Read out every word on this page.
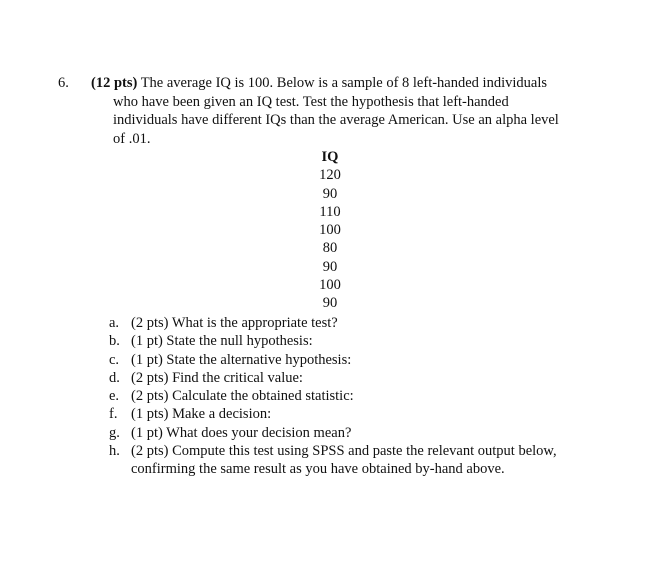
6. (12 pts) The average IQ is 100. Below is a sample of 8 left-handed individuals
who have been given an IQ test. Test the hypothesis that left-handed
individuals have different IQs than the average American. Use an alpha level
of .01.
IQ
120
90
110
100
80
90
100
90
a. (2 pts) What is the appropriate test?
b. (1 pt) State the null hypothesis:
c. (1 pt) State the alternative hypothesis:
d. (2 pts) Find the critical value:
e. (2 pts) Calculate the obtained statistic:
f. (1 pts) Make a decision:
g. (1 pt) What does your decision mean?
h. (2 pts) Compute this test using SPSS and paste the relevant output below,
confirming the same result as you have obtained by-hand above.
